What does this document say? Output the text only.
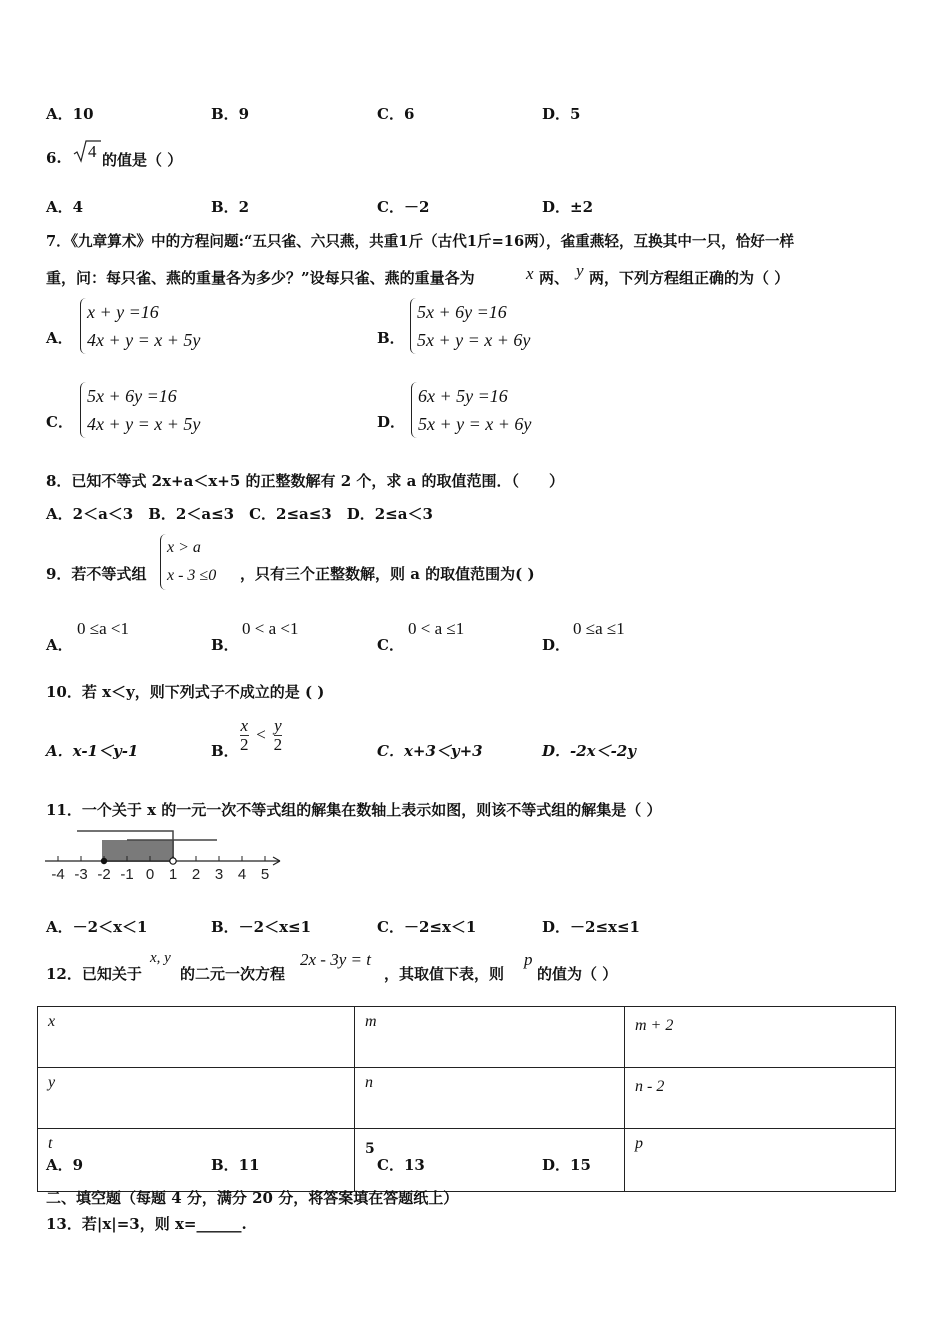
A．10	B．9	C．6	D．5
6. 4 的值是（ ）
A．4	B．2	C．－2	D．±2
7．《九章算术》中的方程问题:“五只雀、六只燕，共重1斤（古代1斤=16两），雀重燕轻，互换其中一只，恰好一样
重，问：每只雀、燕的重量各为多少？”设每只雀、燕的重量各为	x 两、 y 两，下列方程组正确的为（ ）
A．
x + y =16
4x + y = x + 5y	B．
5x + 6y =16
5x + y = x + 6y
C．
5x + 6y =16
4x + y = x + 5y	D．
6x + 5y =16
5x + y = x + 6y
8．已知不等式 2x+a＜x+5 的正整数解有 2 个，求 a 的取值范围．（　　）
A．2＜a＜3　B．2＜a≤3　C．2≤a≤3　D．2≤a＜3
9．若不等式组
x > a
x - 3 ≤0 ，只有三个正整数解，则 a 的取值范围为( )
A．
0 ≤a <1
B．
0 < a <1
C．
0 < a ≤1
D．
0 ≤a ≤1
10．若 x＜y，则下列式子不成立的是 ( )
A．x-1＜y-1	B． $\frac{x}{2} < \frac{y}{2}$	C．x+3＜y+3	D．-2x＜-2y
11．一个关于 x 的一元一次不等式组的解集在数轴上表示如图，则该不等式组的解集是（ ）
-4 -3 -2 -1 0 1 2 3 4 5
A．－2＜x＜1	B．－2＜x≤1	C．－2≤x＜1	D．－2≤x≤1
12．已知关于
x, y
的二元一次方程
2x - 3y = t
，其取值下表，则
p
的值为（ ）
x	m	m + 2
y	n	n - 2
t	5	p
A．9	B．11	C．13	D．15
二、填空题（每题 4 分，满分 20 分，将答案填在答题纸上）
13．若|x|=3，则 x=______.
